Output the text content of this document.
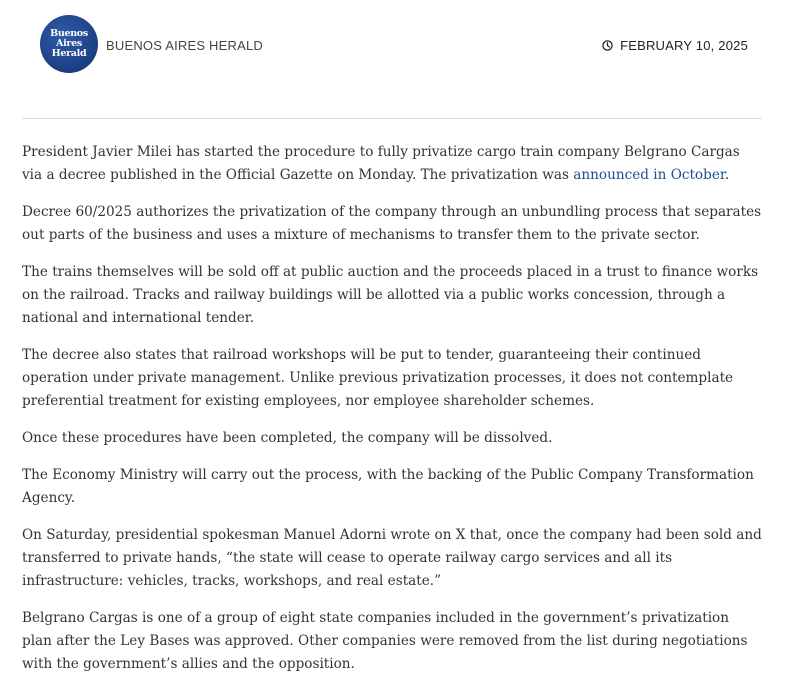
Buenos
Aires
Herald
BUENOS AIRES HERALD	FEBRUARY 10, 2025

President Javier Milei has started the procedure to fully privatize cargo train company Belgrano Cargas via a decree published in the Official Gazette on Monday. The privatization was announced in October.

Decree 60/2025 authorizes the privatization of the company through an unbundling process that separates out parts of the business and uses a mixture of mechanisms to transfer them to the private sector.

The trains themselves will be sold off at public auction and the proceeds placed in a trust to finance works on the railroad. Tracks and railway buildings will be allotted via a public works concession, through a national and international tender.

The decree also states that railroad workshops will be put to tender, guaranteeing their continued operation under private management. Unlike previous privatization processes, it does not contemplate preferential treatment for existing employees, nor employee shareholder schemes.

Once these procedures have been completed, the company will be dissolved.

The Economy Ministry will carry out the process, with the backing of the Public Company Transformation Agency.

On Saturday, presidential spokesman Manuel Adorni wrote on X that, once the company had been sold and transferred to private hands, “the state will cease to operate railway cargo services and all its infrastructure: vehicles, tracks, workshops, and real estate.”

Belgrano Cargas is one of a group of eight state companies included in the government’s privatization plan after the Ley Bases was approved. Other companies were removed from the list during negotiations with the government’s allies and the opposition.
